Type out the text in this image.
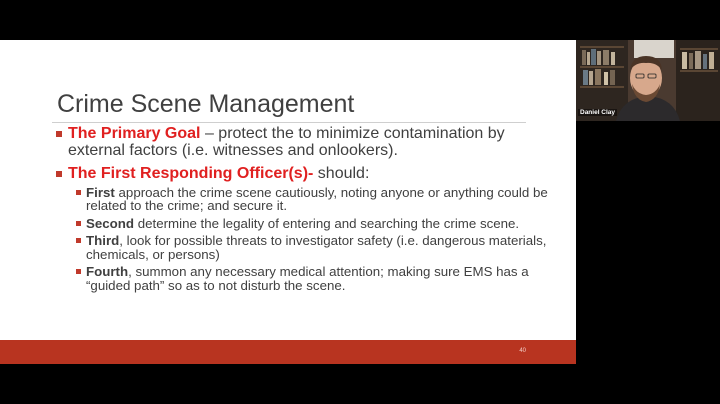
Crime Scene Management
The Primary Goal – protect the to minimize contamination by external factors (i.e. witnesses and onlookers).
The First Responding Officer(s)- should:
First approach the crime scene cautiously, noting anyone or anything could be related to the crime; and secure it.
Second determine the legality of entering and searching the crime scene.
Third, look for possible threats to investigator safety (i.e. dangerous materials, chemicals, or persons)
Fourth, summon any necessary medical attention; making sure EMS has a “guided path” so as to not disturb the scene.
40
Daniel Clay
